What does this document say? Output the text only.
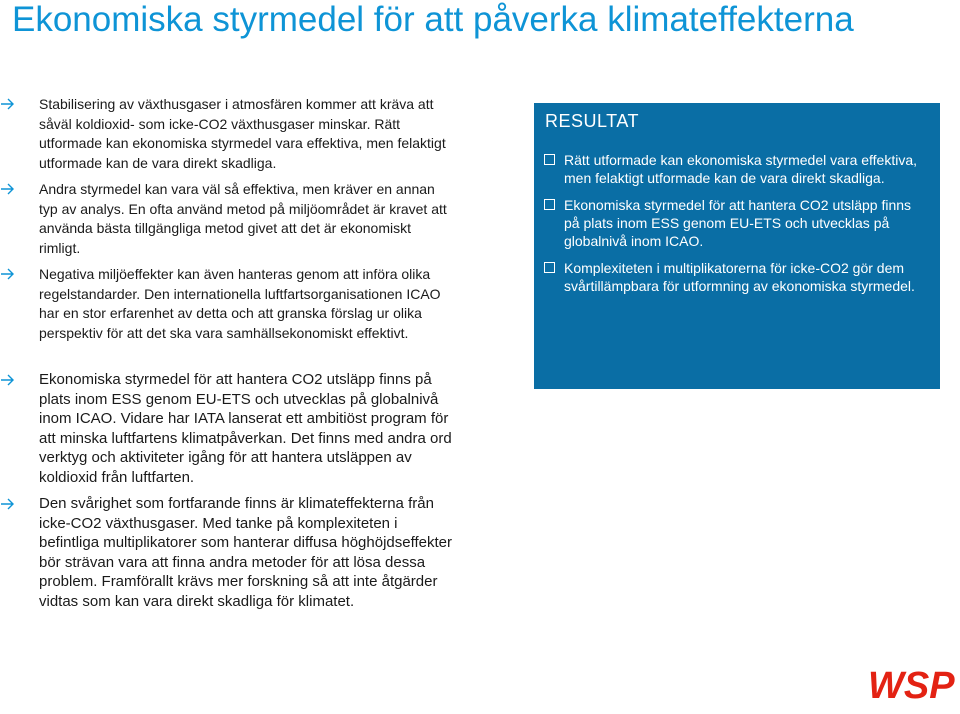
Ekonomiska styrmedel för att påverka klimateffekterna
Stabilisering av växthusgaser i atmosfären kommer att kräva att såväl koldioxid- som icke-CO2 växthusgaser minskar. Rätt utformade kan ekonomiska styrmedel vara effektiva, men felaktigt utformade kan de vara direkt skadliga.
Andra styrmedel kan vara väl så effektiva, men kräver en annan typ av analys. En ofta använd metod på miljöområdet är kravet att använda bästa tillgängliga metod givet att det är ekonomiskt rimligt.
Negativa miljöeffekter kan även hanteras genom att införa olika regelstandarder. Den internationella luftfartsorganisationen ICAO har en stor erfarenhet av detta och att granska förslag ur olika perspektiv för att det ska vara samhällsekonomiskt effektivt.
Ekonomiska styrmedel för att hantera CO2 utsläpp finns på plats inom ESS genom EU-ETS och utvecklas på globalnivå inom ICAO. Vidare har IATA lanserat ett ambitiöst program för att minska luftfartens klimatpåverkan. Det finns med andra ord verktyg och aktiviteter igång för att hantera utsläppen av koldioxid från luftfarten.
Den svårighet som fortfarande finns är klimateffekterna från icke-CO2 växthusgaser. Med tanke på komplexiteten i befintliga multiplikatorer som hanterar diffusa höghöjdseffekter bör strävan vara att finna andra metoder för att lösa dessa problem. Framförallt krävs mer forskning så att inte åtgärder vidtas som kan vara direkt skadliga för klimatet.
RESULTAT
Rätt utformade kan ekonomiska styrmedel vara effektiva, men felaktigt utformade kan de vara direkt skadliga.
Ekonomiska styrmedel för att hantera CO2 utsläpp finns på plats inom ESS genom EU-ETS och utvecklas på globalnivå inom ICAO.
Komplexiteten i multiplikatorerna för icke-CO2 gör dem svårtillämpbara för utformning av ekonomiska styrmedel.
WSP
